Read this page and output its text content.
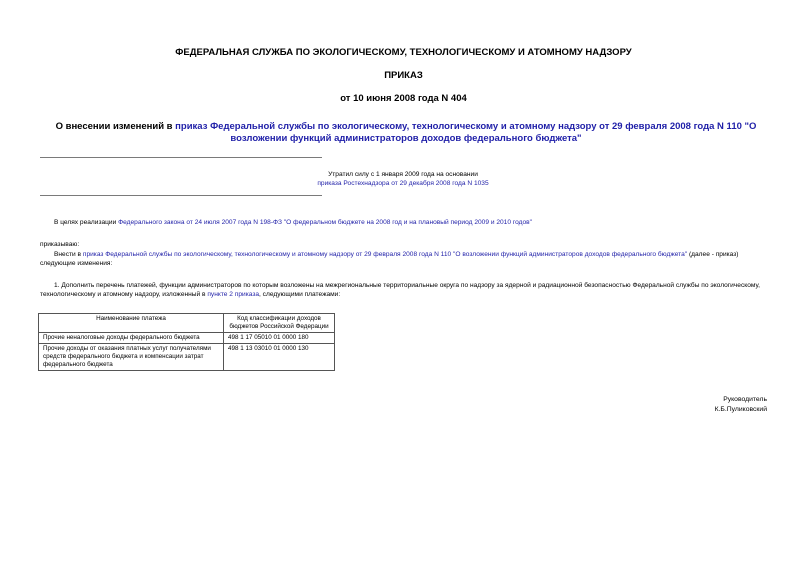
ФЕДЕРАЛЬНАЯ СЛУЖБА ПО ЭКОЛОГИЧЕСКОМУ, ТЕХНОЛОГИЧЕСКОМУ И АТОМНОМУ НАДЗОРУ
ПРИКАЗ
от 10 июня 2008 года N 404
О внесении изменений в приказ Федеральной службы по экологическому, технологическому и атомному надзору от 29 февраля 2008 года N 110 "О возложении функций администраторов доходов федерального бюджета"
Утратил силу с 1 января 2009 года на основании
приказа Ростехнадзора от 29 декабря 2008 года N 1035
В целях реализации Федерального закона от 24 июля 2007 года N 198-ФЗ "О федеральном бюджете на 2008 год и на плановый период 2009 и 2010 годов"
приказываю:
Внести в приказ Федеральной службы по экологическому, технологическому и атомному надзору от 29 февраля 2008 года N 110 "О возложении функций администраторов доходов федерального бюджета" (далее - приказ) следующие изменения:
1. Дополнить перечень платежей, функции администраторов по которым возложены на межрегиональные территориальные округа по надзору за ядерной и радиационной безопасностью Федеральной службы по экологическому, технологическому и атомному надзору, изложенный в пункте 2 приказа, следующими платежами:
Наименование платежа	Код классификации доходов бюджетов Российской Федерации
Прочие неналоговые доходы федерального бюджета	498 1 17 05010 01 0000 180
Прочие доходы от оказания платных услуг получателями средств федерального бюджета и компенсации затрат федерального бюджета	498 1 13 03010 01 0000 130
Руководитель
К.Б.Пуликовский
